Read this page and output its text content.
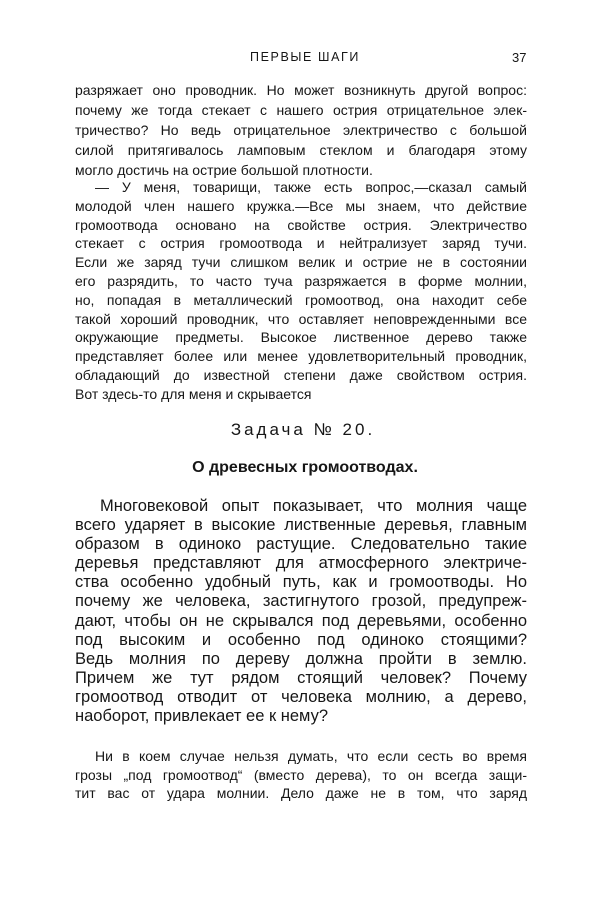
ПЕРВЫЕ ШАГИ	37
разряжает оно проводник. Но может возникнуть другой вопрос:
почему же тогда стекает с нашего острия отрицательное элек-
тричество? Но ведь отрицательное электричество с большой
силой притягивалось ламповым стеклом и благодаря этому
могло достичь на острие большой плотности.
— У меня, товарищи, также есть вопрос,—сказал самый
молодой член нашего кружка.—Все мы знаем, что действие
громоотвода основано на свойстве острия. Электричество
стекает с острия громоотвода и нейтрализует заряд тучи.
Если же заряд тучи слишком велик и острие не в состоянии
его разрядить, то часто туча разряжается в форме молнии,
но, попадая в металлический громоотвод, она находит себе
такой хороший проводник, что оставляет неповрежденными все
окружающие предметы. Высокое лиственное дерево также
представляет более или менее удовлетворительный проводник,
обладающий до известной степени даже свойством острия.
Вот здесь-то для меня и скрывается
Задача № 20.
О древесных громоотводах.
Многовековой опыт показывает, что молния чаще
всего ударяет в высокие лиственные деревья, главным
образом в одиноко растущие. Следовательно такие
деревья представляют для атмосферного электриче-
ства особенно удобный путь, как и громоотводы. Но
почему же человека, застигнутого грозой, предупреж-
дают, чтобы он не скрывался под деревьями, особенно
под высоким и особенно под одиноко стоящими?
Ведь молния по дереву должна пройти в землю.
Причем же тут рядом стоящий человек? Почему
громоотвод отводит от человека молнию, а дерево,
наоборот, привлекает ее к нему?
Ни в коем случае нельзя думать, что если сесть во время
грозы „под громоотвод“ (вместо дерева), то он всегда защи-
тит вас от удара молнии. Дело даже не в том, что заряд
